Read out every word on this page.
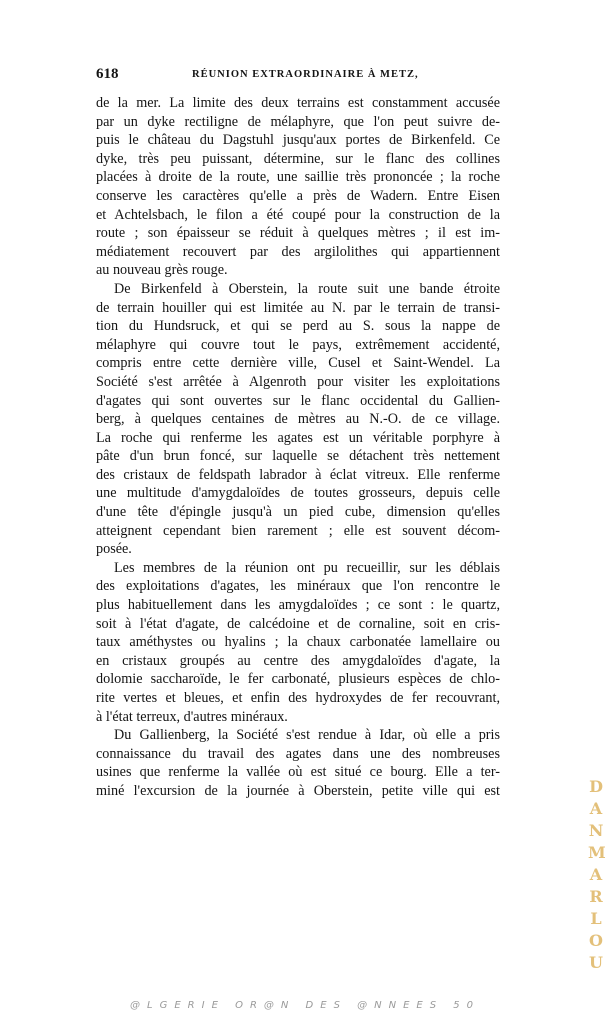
618	RÉUNION EXTRAORDINAIRE À METZ,
de la mer. La limite des deux terrains est constamment accusée
par un dyke rectiligne de mélaphyre, que l'on peut suivre de-
puis le château du Dagstuhl jusqu'aux portes de Birkenfeld. Ce
dyke, très peu puissant, détermine, sur le flanc des collines
placées à droite de la route, une saillie très prononcée ; la roche
conserve les caractères qu'elle a près de Wadern. Entre Eisen
et Achtelsbach, le filon a été coupé pour la construction de la
route ; son épaisseur se réduit à quelques mètres ; il est im-
médiatement recouvert par des argilolithes qui appartiennent
au nouveau grès rouge.
De Birkenfeld à Oberstein, la route suit une bande étroite
de terrain houiller qui est limitée au N. par le terrain de transi-
tion du Hundsruck, et qui se perd au S. sous la nappe de
mélaphyre qui couvre tout le pays, extrêmement accidenté,
compris entre cette dernière ville, Cusel et Saint-Wendel. La
Société s'est arrêtée à Algenroth pour visiter les exploitations
d'agates qui sont ouvertes sur le flanc occidental du Gallien-
berg, à quelques centaines de mètres au N.-O. de ce village.
La roche qui renferme les agates est un véritable porphyre à
pâte d'un brun foncé, sur laquelle se détachent très nettement
des cristaux de feldspath labrador à éclat vitreux. Elle renferme
une multitude d'amygdaloïdes de toutes grosseurs, depuis celle
d'une tête d'épingle jusqu'à un pied cube, dimension qu'elles
atteignent cependant bien rarement ; elle est souvent décom-
posée.
Les membres de la réunion ont pu recueillir, sur les déblais
des exploitations d'agates, les minéraux que l'on rencontre le
plus habituellement dans les amygdaloïdes ; ce sont : le quartz,
soit à l'état d'agate, de calcédoine et de cornaline, soit en cris-
taux améthystes ou hyalins ; la chaux carbonatée lamellaire ou
en cristaux groupés au centre des amygdaloïdes d'agate, la
dolomie saccharoïde, le fer carbonaté, plusieurs espèces de chlo-
rite vertes et bleues, et enfin des hydroxydes de fer recouvrant,
à l'état terreux, d'autres minéraux.
Du Gallienberg, la Société s'est rendue à Idar, où elle a pris
connaissance du travail des agates dans une des nombreuses
usines que renferme la vallée où est situé ce bourg. Elle a ter-
miné l'excursion de la journée à Oberstein, petite ville qui est	DANMARLOU
@LGERIE OR@N DES @NNEES 50
